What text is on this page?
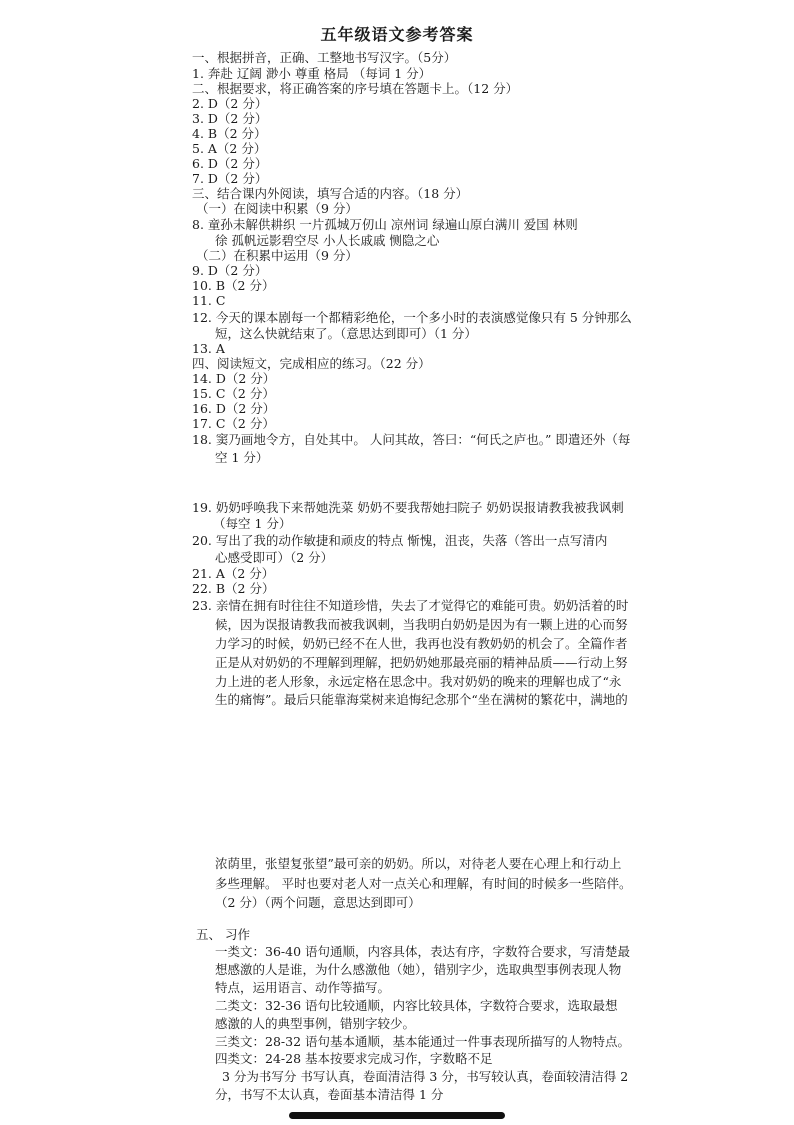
五年级语文参考答案
一、根据拼音，正确、工整地书写汉字。（5分）
1. 奔赴 辽阔 渺小 尊重 格局 （每词 1 分）
二、根据要求，将正确答案的序号填在答题卡上。（12 分）
2. D（2 分）
3. D（2 分）
4. B（2 分）
5. A（2 分）
6. D（2 分）
7. D（2 分）
三、结合课内外阅读，填写合适的内容。（18 分）
（一）在阅读中积累（9 分）
8. 童孙未解供耕织 一片孤城万仞山 凉州词 绿遍山原白满川 爱国 林则
徐 孤帆远影碧空尽 小人长戚戚 恻隐之心
（二）在积累中运用（9 分）
9. D（2 分）
10. B（2 分）
11. C
12. 今天的课本剧每一个都精彩绝伦，一个多小时的表演感觉像只有 5 分钟那么
短，这么快就结束了。（意思达到即可）（1 分）
13. A
四、阅读短文，完成相应的练习。（22 分）
14. D（2 分）
15. C（2 分）
16. D（2 分）
17. C（2 分）
18. 窦乃画地令方，自处其中。 人问其故，答曰：“何氏之庐也。” 即遣还外（每
空 1 分）
19. 奶奶呼唤我下来帮她洗菜 奶奶不要我帮她扫院子 奶奶误报请教我被我讽刺
（每空 1 分）
20. 写出了我的动作敏捷和顽皮的特点 惭愧，沮丧，失落（答出一点写清内
心感受即可）（2 分）
21. A（2 分）
22. B（2 分）
23. 亲情在拥有时往往不知道珍惜，失去了才觉得它的难能可贵。奶奶活着的时
候，因为误报请教我而被我讽刺，当我明白奶奶是因为有一颗上进的心而努
力学习的时候，奶奶已经不在人世，我再也没有教奶奶的机会了。全篇作者
正是从对奶奶的不理解到理解，把奶奶她那最亮丽的精神品质——行动上努
力上进的老人形象，永远定格在思念中。我对奶奶的晚来的理解也成了“永
生的痛悔”。最后只能靠海棠树来追悔纪念那个“坐在满树的繁花中，满地的
浓荫里，张望复张望”最可亲的奶奶。所以，对待老人要在心理上和行动上
多些理解。 平时也要对老人对一点关心和理解，有时间的时候多一些陪伴。
（2 分）（两个问题，意思达到即可）
五、 习作
一类文：36-40 语句通顺，内容具体，表达有序，字数符合要求，写清楚最
想感激的人是谁，为什么感激他（她），错别字少，选取典型事例表现人物
特点，运用语言、动作等描写。
二类文：32-36 语句比较通顺，内容比较具体，字数符合要求，选取最想
感激的人的典型事例，错别字较少。
三类文：28-32 语句基本通顺，基本能通过一件事表现所描写的人物特点。
四类文：24-28 基本按要求完成习作，字数略不足
3 分为书写分 书写认真，卷面清洁得 3 分，书写较认真，卷面较清洁得 2
分，书写不太认真，卷面基本清洁得 1 分
